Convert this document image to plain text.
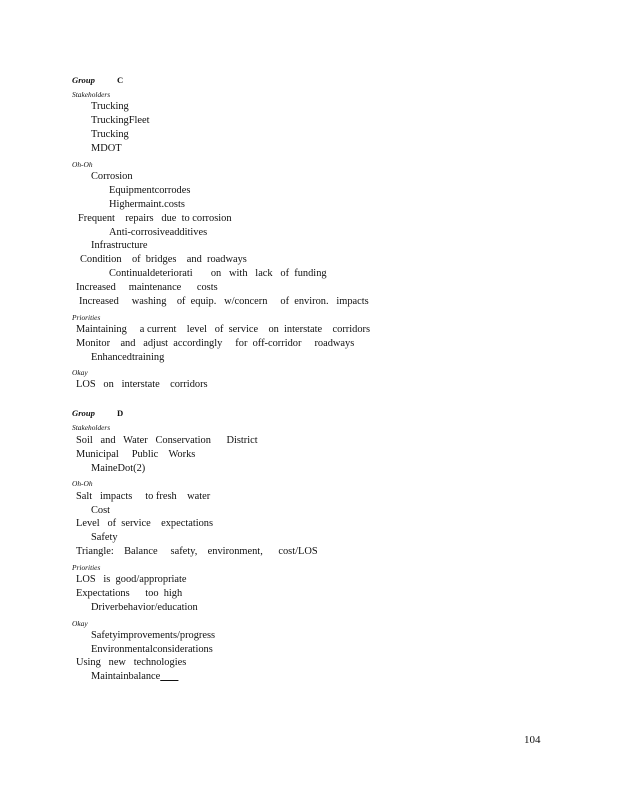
Group	C
Stakeholders
Trucking
TruckingFleet
Trucking
MDOT
Oh-Oh
Corrosion
Equipmentcorrodes
Highermaint.costs
Frequent    repairs   due  to corrosion
Anti-corrosiveadditives
Infrastructure
Condition    of  bridges    and  roadways
Continualdeteriorati       on   with   lack   of  funding
Increased     maintenance      costs
Increased     washing    of  equip.   w/concern     of  environ.   impacts
Priorities
Maintaining     a current    level   of  service    on  interstate    corridors
Monitor    and   adjust  accordingly     for  off-corridor     roadways
Enhancedtraining
Okay
LOS   on   interstate    corridors
Group	D
Stakeholders
Soil   and   Water   Conservation      District
Municipal     Public    Works
MaineDot(2)
Oh-Oh
Salt   impacts     to fresh    water
Cost
Level   of  service    expectations
Safety
Triangle:    Balance     safety,    environment,      cost/LOS
Priorities
LOS   is  good/appropriate
Expectations      too  high
Driverbehavior/education
Okay
Safetyimprovements/progress
Environmentalconsiderations
Using   new   technologies
Maintainbalance
104
